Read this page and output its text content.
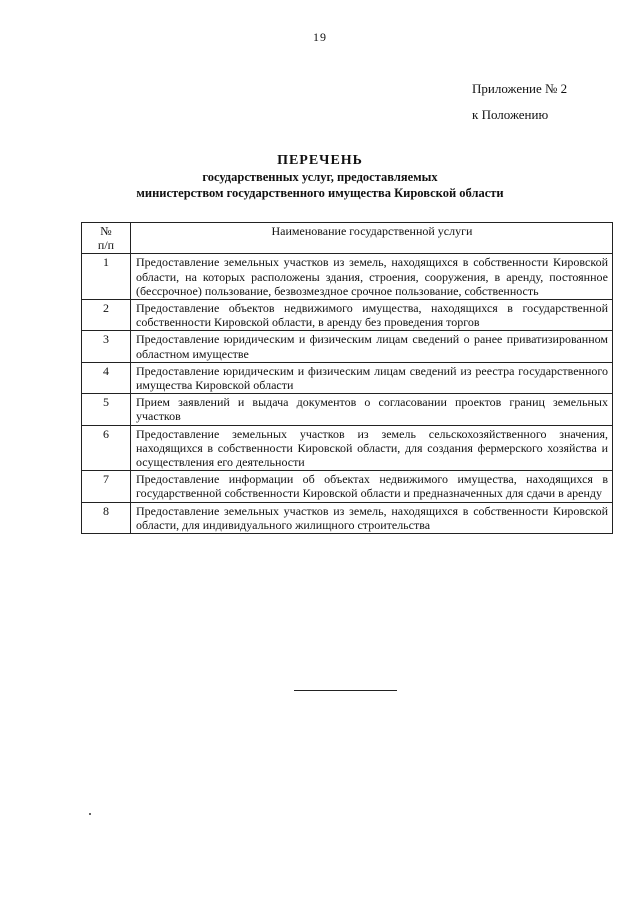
19
Приложение № 2
к Положению
ПЕРЕЧЕНЬ
государственных услуг, предоставляемых
министерством государственного имущества Кировской области
№
п/п	Наименование государственной услуги
1	Предоставление земельных участков из земель, находящихся в собственности Кировской области, на которых расположены здания, строения, сооружения, в аренду, постоянное (бессрочное) пользование, безвозмездное срочное пользование, собственность
2	Предоставление объектов недвижимого имущества, находящихся в государственной собственности Кировской области, в аренду без проведения торгов
3	Предоставление юридическим и физическим лицам сведений о ранее приватизированном областном имуществе
4	Предоставление юридическим и физическим лицам сведений из реестра государственного имущества Кировской области
5	Прием заявлений и выдача документов о согласовании проектов границ земельных участков
6	Предоставление земельных участков из земель сельскохозяйственного значения, находящихся в собственности Кировской области, для создания фермерского хозяйства и осуществления его деятельности
7	Предоставление информации об объектах недвижимого имущества, находящихся в государственной собственности Кировской области и предназначенных для сдачи в аренду
8	Предоставление земельных участков из земель, находящихся в собственности Кировской области, для индивидуального жилищного строительства
